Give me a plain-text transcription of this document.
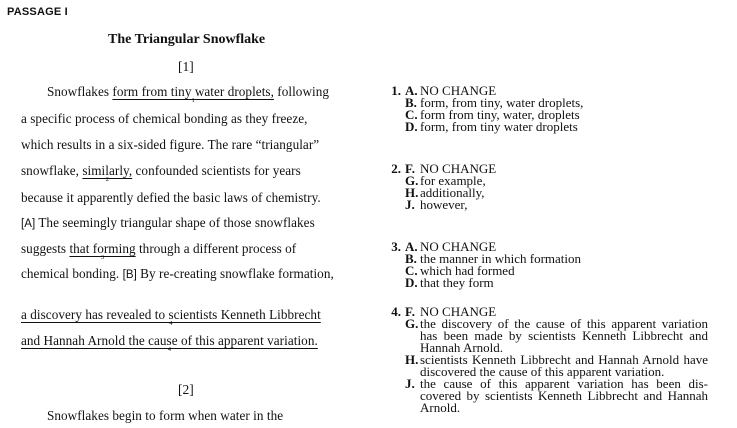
PASSAGE I
The Triangular Snowflake
[1]
Snowflakes form from tiny water droplets,
1
following
a specific process of chemical bonding as they freeze,
which results in a six-sided figure. The rare “triangular”
snowflake, similarly,
2
confounded scientists for years
because it apparently defied the basic laws of chemistry.
[A] The seemingly triangular shape of those snowflakes
suggests that forming
3
through a different process of
chemical bonding. [B] By re-creating snowflake formation,
a discovery has revealed to scientists Kenneth Libbrecht
4
and Hannah Arnold the cause of this apparent variation.
4
[2]
Snowflakes begin to form when water in the
1. A. NO CHANGE
B. form, from tiny, water droplets,
C. form from tiny, water, droplets
D. form, from tiny water droplets
2. F. NO CHANGE
G. for example,
H. additionally,
J. however,
3. A. NO CHANGE
B. the manner in which formation
C. which had formed
D. that they form
4. F. NO CHANGE
G. the discovery of the cause of this apparent variation has been made by scientists Kenneth Libbrecht and Hannah Arnold.
H. scientists Kenneth Libbrecht and Hannah Arnold have discovered the cause of this apparent variation.
J. the cause of this apparent variation has been dis-covered by scientists Kenneth Libbrecht and Hannah Arnold.
